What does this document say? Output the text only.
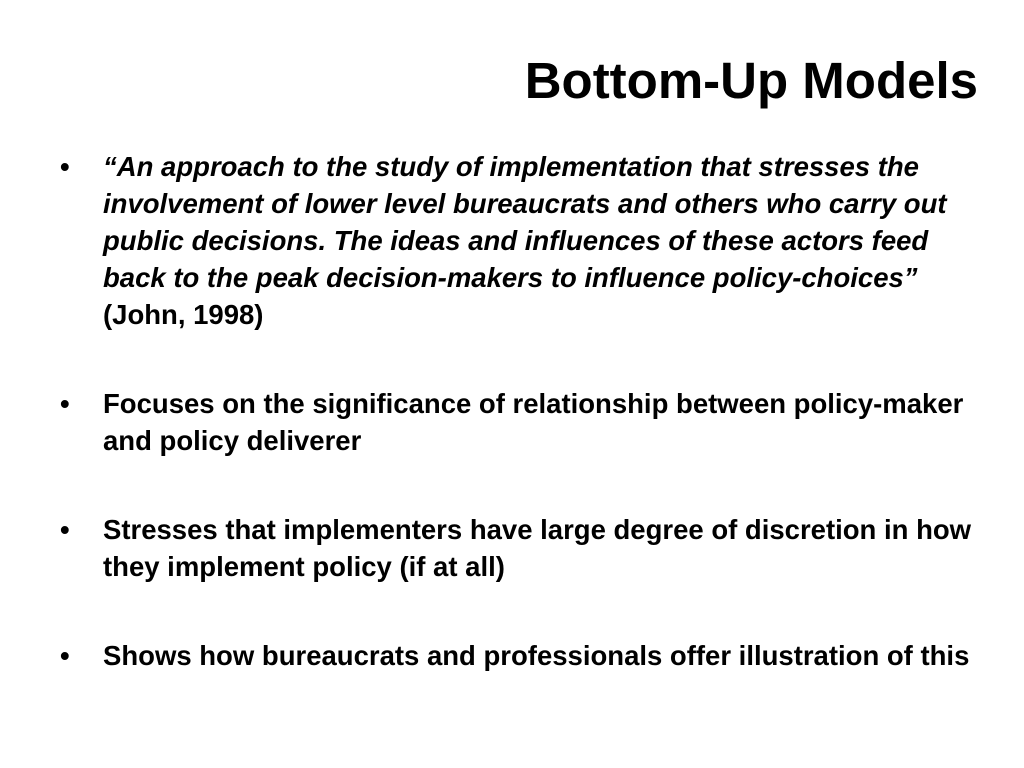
Bottom-Up Models
•	“An approach to the study of implementation that stresses the involvement of lower level bureaucrats and others who carry out public decisions. The ideas and influences of these actors feed back to the peak decision-makers to influence policy-choices”
(John, 1998)
•	Focuses on the significance of relationship between policy-maker and policy deliverer
•	Stresses that implementers have large degree of discretion in how they implement policy (if at all)
•	Shows how bureaucrats and professionals offer illustration of this
